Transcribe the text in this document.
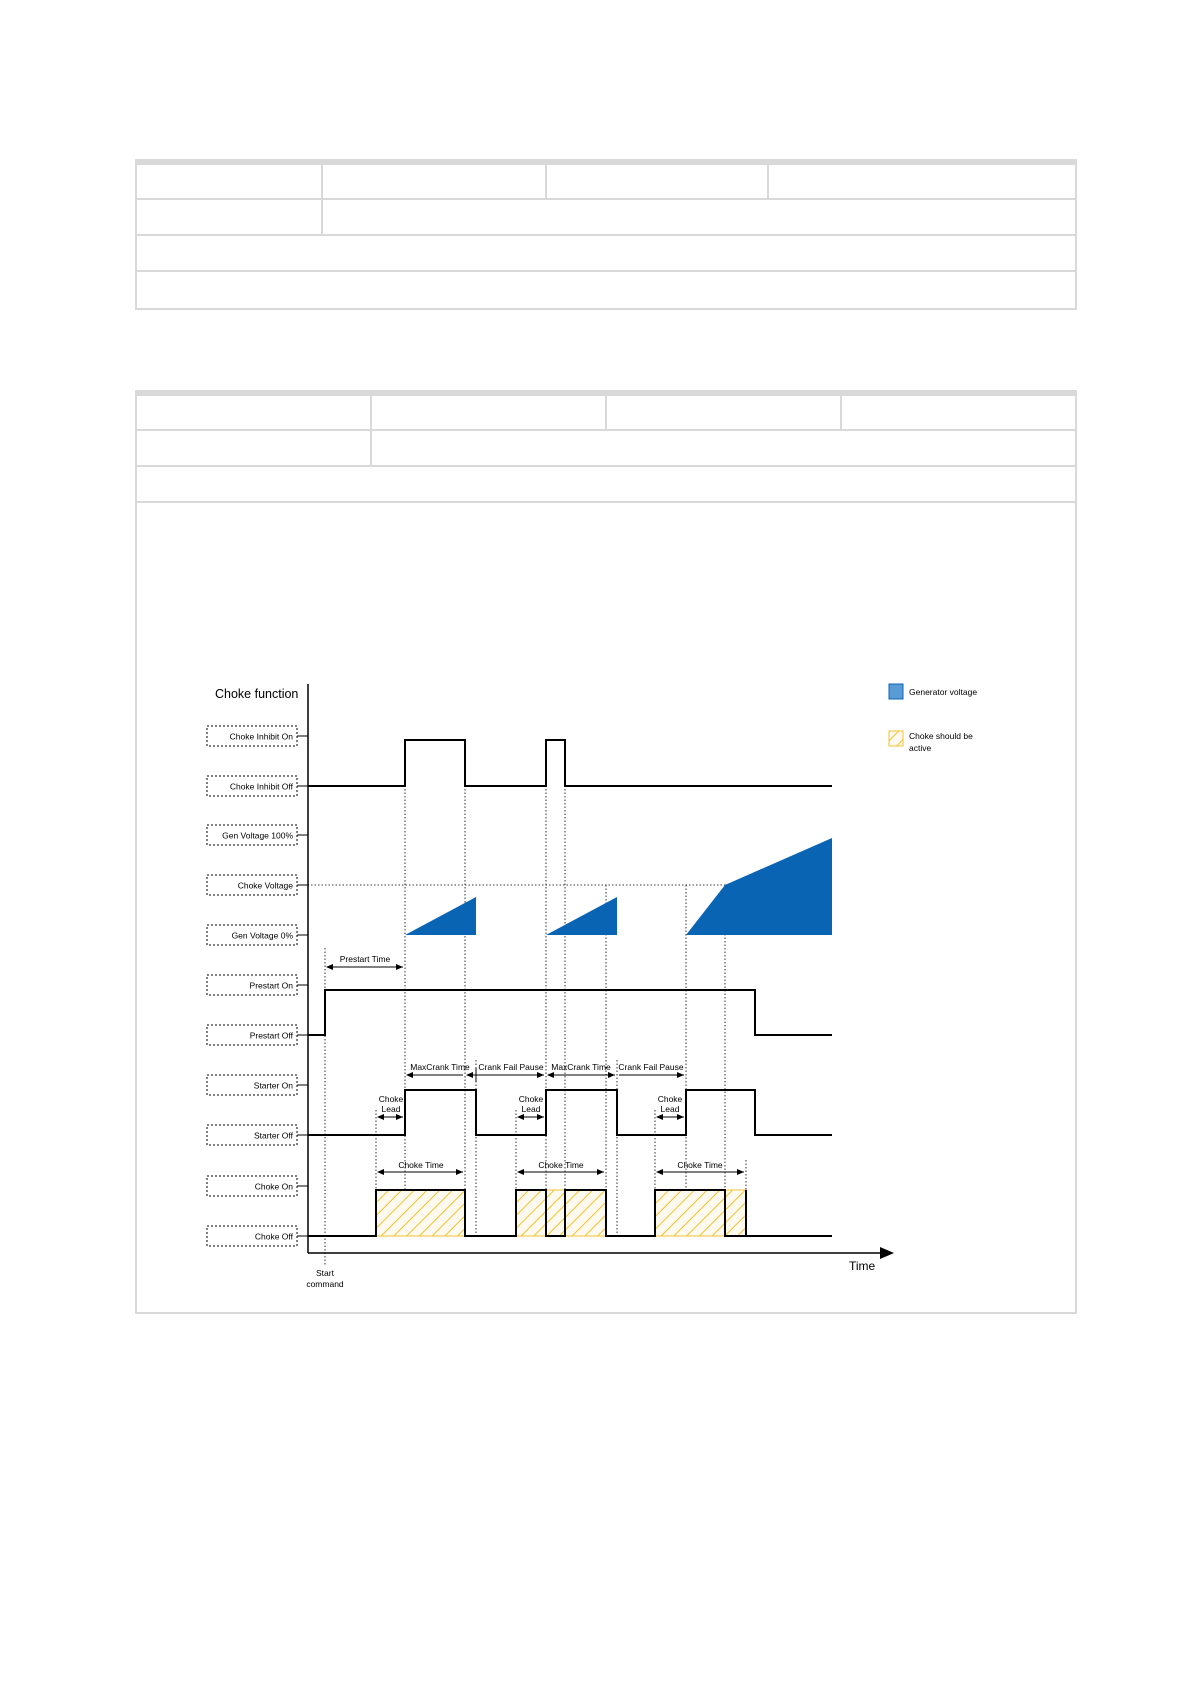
Choke function
Choke Inhibit On
Choke Inhibit Off
Gen Voltage 100%
Choke Voltage
Gen Voltage 0%
Prestart On
Prestart Off
Starter On
Starter Off
Choke On
Choke Off
Time
Start
command
Prestart Time
MaxCrank Time Crank Fail Pause MaxCrank Time Crank Fail Pause
Choke
Lead
Choke
Lead
Choke
Lead
Choke Time	Choke Time	Choke Time
Generator voltage
Choke should be
active
